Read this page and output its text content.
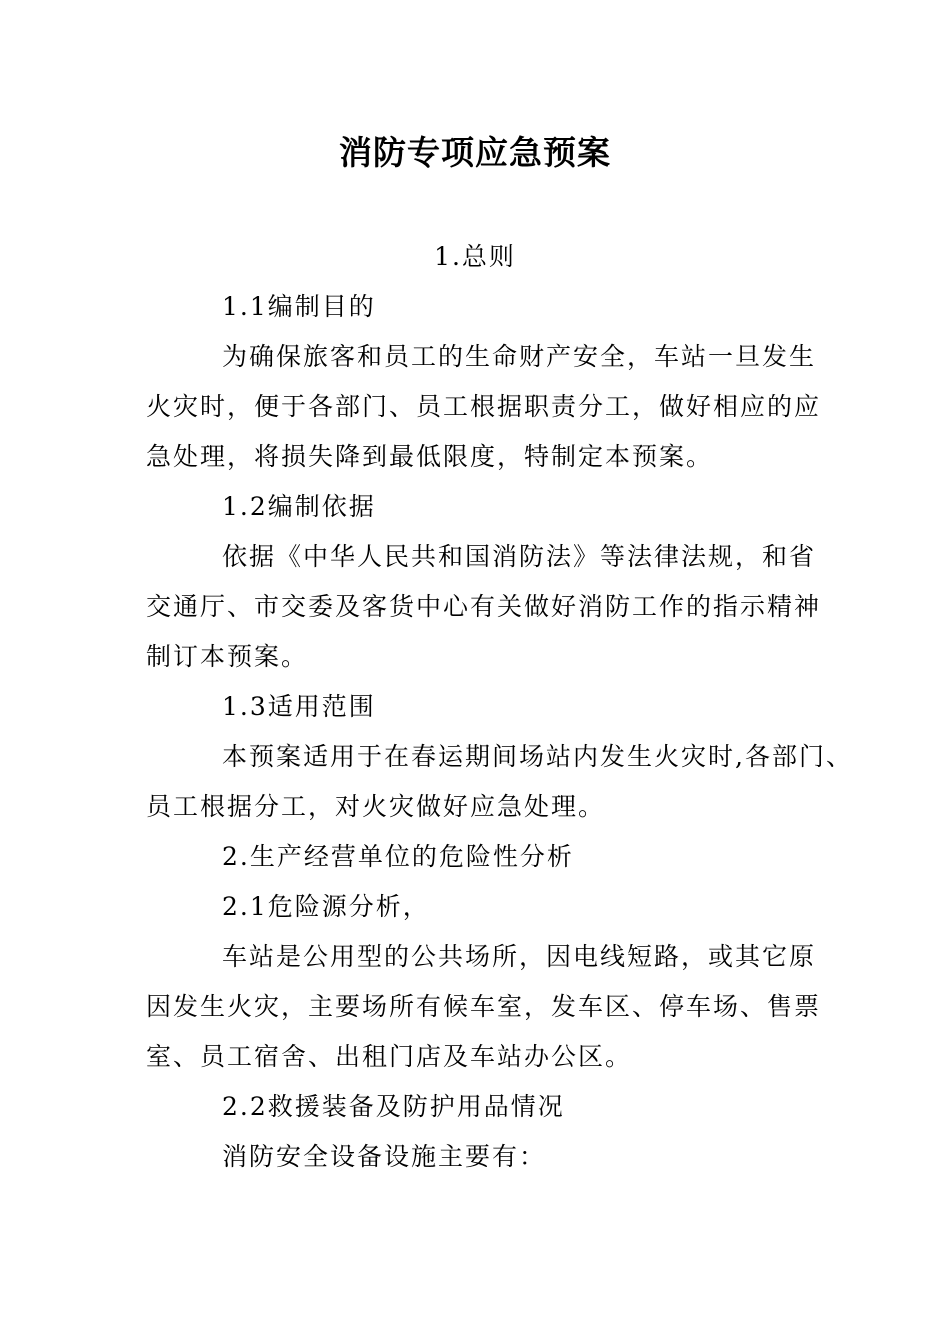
消防专项应急预案
1.总则
1.1编制目的
为确保旅客和员工的生命财产安全，车站一旦发生
火灾时，便于各部门、员工根据职责分工，做好相应的应
急处理，将损失降到最低限度，特制定本预案。
1.2编制依据
依据《中华人民共和国消防法》等法律法规，和省
交通厅、市交委及客货中心有关做好消防工作的指示精神
制订本预案。
1.3适用范围
本预案适用于在春运期间场站内发生火灾时,各部门、
员工根据分工，对火灾做好应急处理。
2.生产经营单位的危险性分析
2.1危险源分析，
车站是公用型的公共场所，因电线短路，或其它原
因发生火灾，主要场所有候车室，发车区、停车场、售票
室、员工宿舍、出租门店及车站办公区。
2.2救援装备及防护用品情况
消防安全设备设施主要有：
